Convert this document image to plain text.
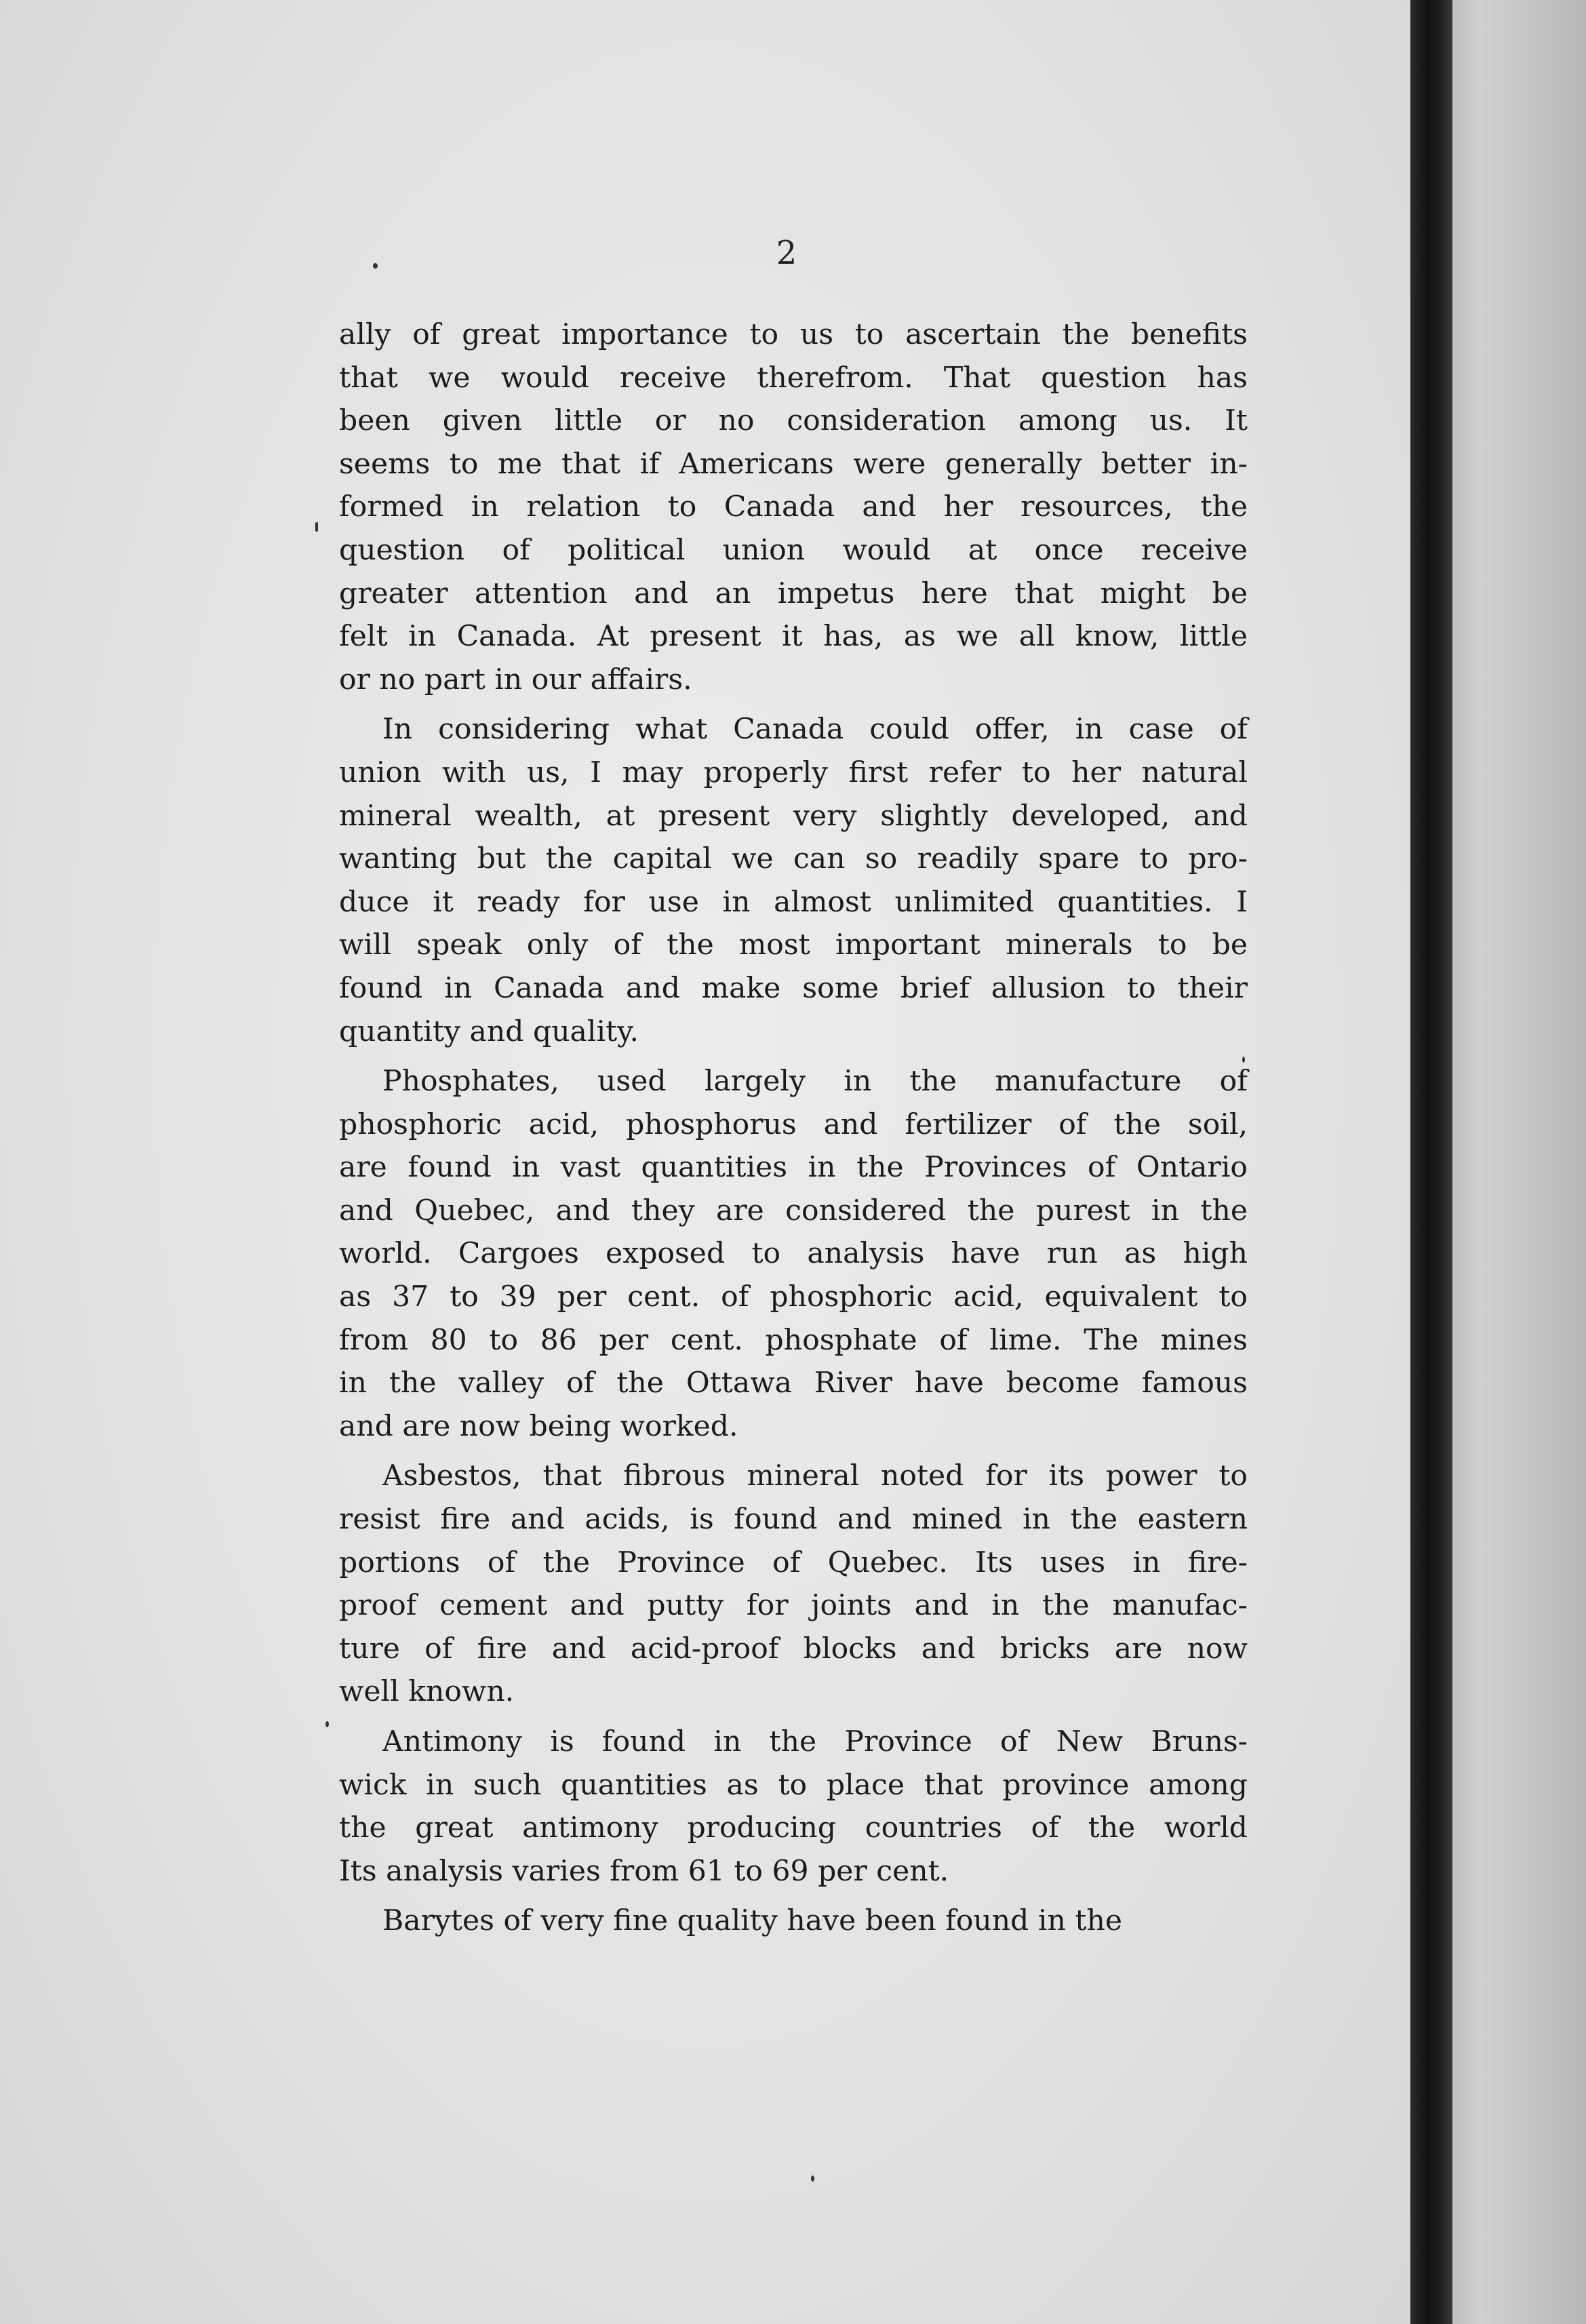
2
ally of great importance to us to ascertain the benefits
that we would receive therefrom. That question has
been given little or no consideration among us. It
seems to me that if Americans were generally better in-
formed in relation to Canada and her resources, the
question of political union would at once receive
greater attention and an impetus here that might be
felt in Canada. At present it has, as we all know, little
or no part in our affairs.
In considering what Canada could offer, in case of
union with us, I may properly first refer to her natural
mineral wealth, at present very slightly developed, and
wanting but the capital we can so readily spare to pro-
duce it ready for use in almost unlimited quantities. I
will speak only of the most important minerals to be
found in Canada and make some brief allusion to their
quantity and quality.
Phosphates, used largely in the manufacture of
phosphoric acid, phosphorus and fertilizer of the soil,
are found in vast quantities in the Provinces of Ontario
and Quebec, and they are considered the purest in the
world. Cargoes exposed to analysis have run as high
as 37 to 39 per cent. of phosphoric acid, equivalent to
from 80 to 86 per cent. phosphate of lime. The mines
in the valley of the Ottawa River have become famous
and are now being worked.
Asbestos, that fibrous mineral noted for its power to
resist fire and acids, is found and mined in the eastern
portions of the Province of Quebec. Its uses in fire-
proof cement and putty for joints and in the manufac-
ture of fire and acid-proof blocks and bricks are now
well known.
Antimony is found in the Province of New Bruns-
wick in such quantities as to place that province among
the great antimony producing countries of the world
Its analysis varies from 61 to 69 per cent.
Barytes of very fine quality have been found in the
